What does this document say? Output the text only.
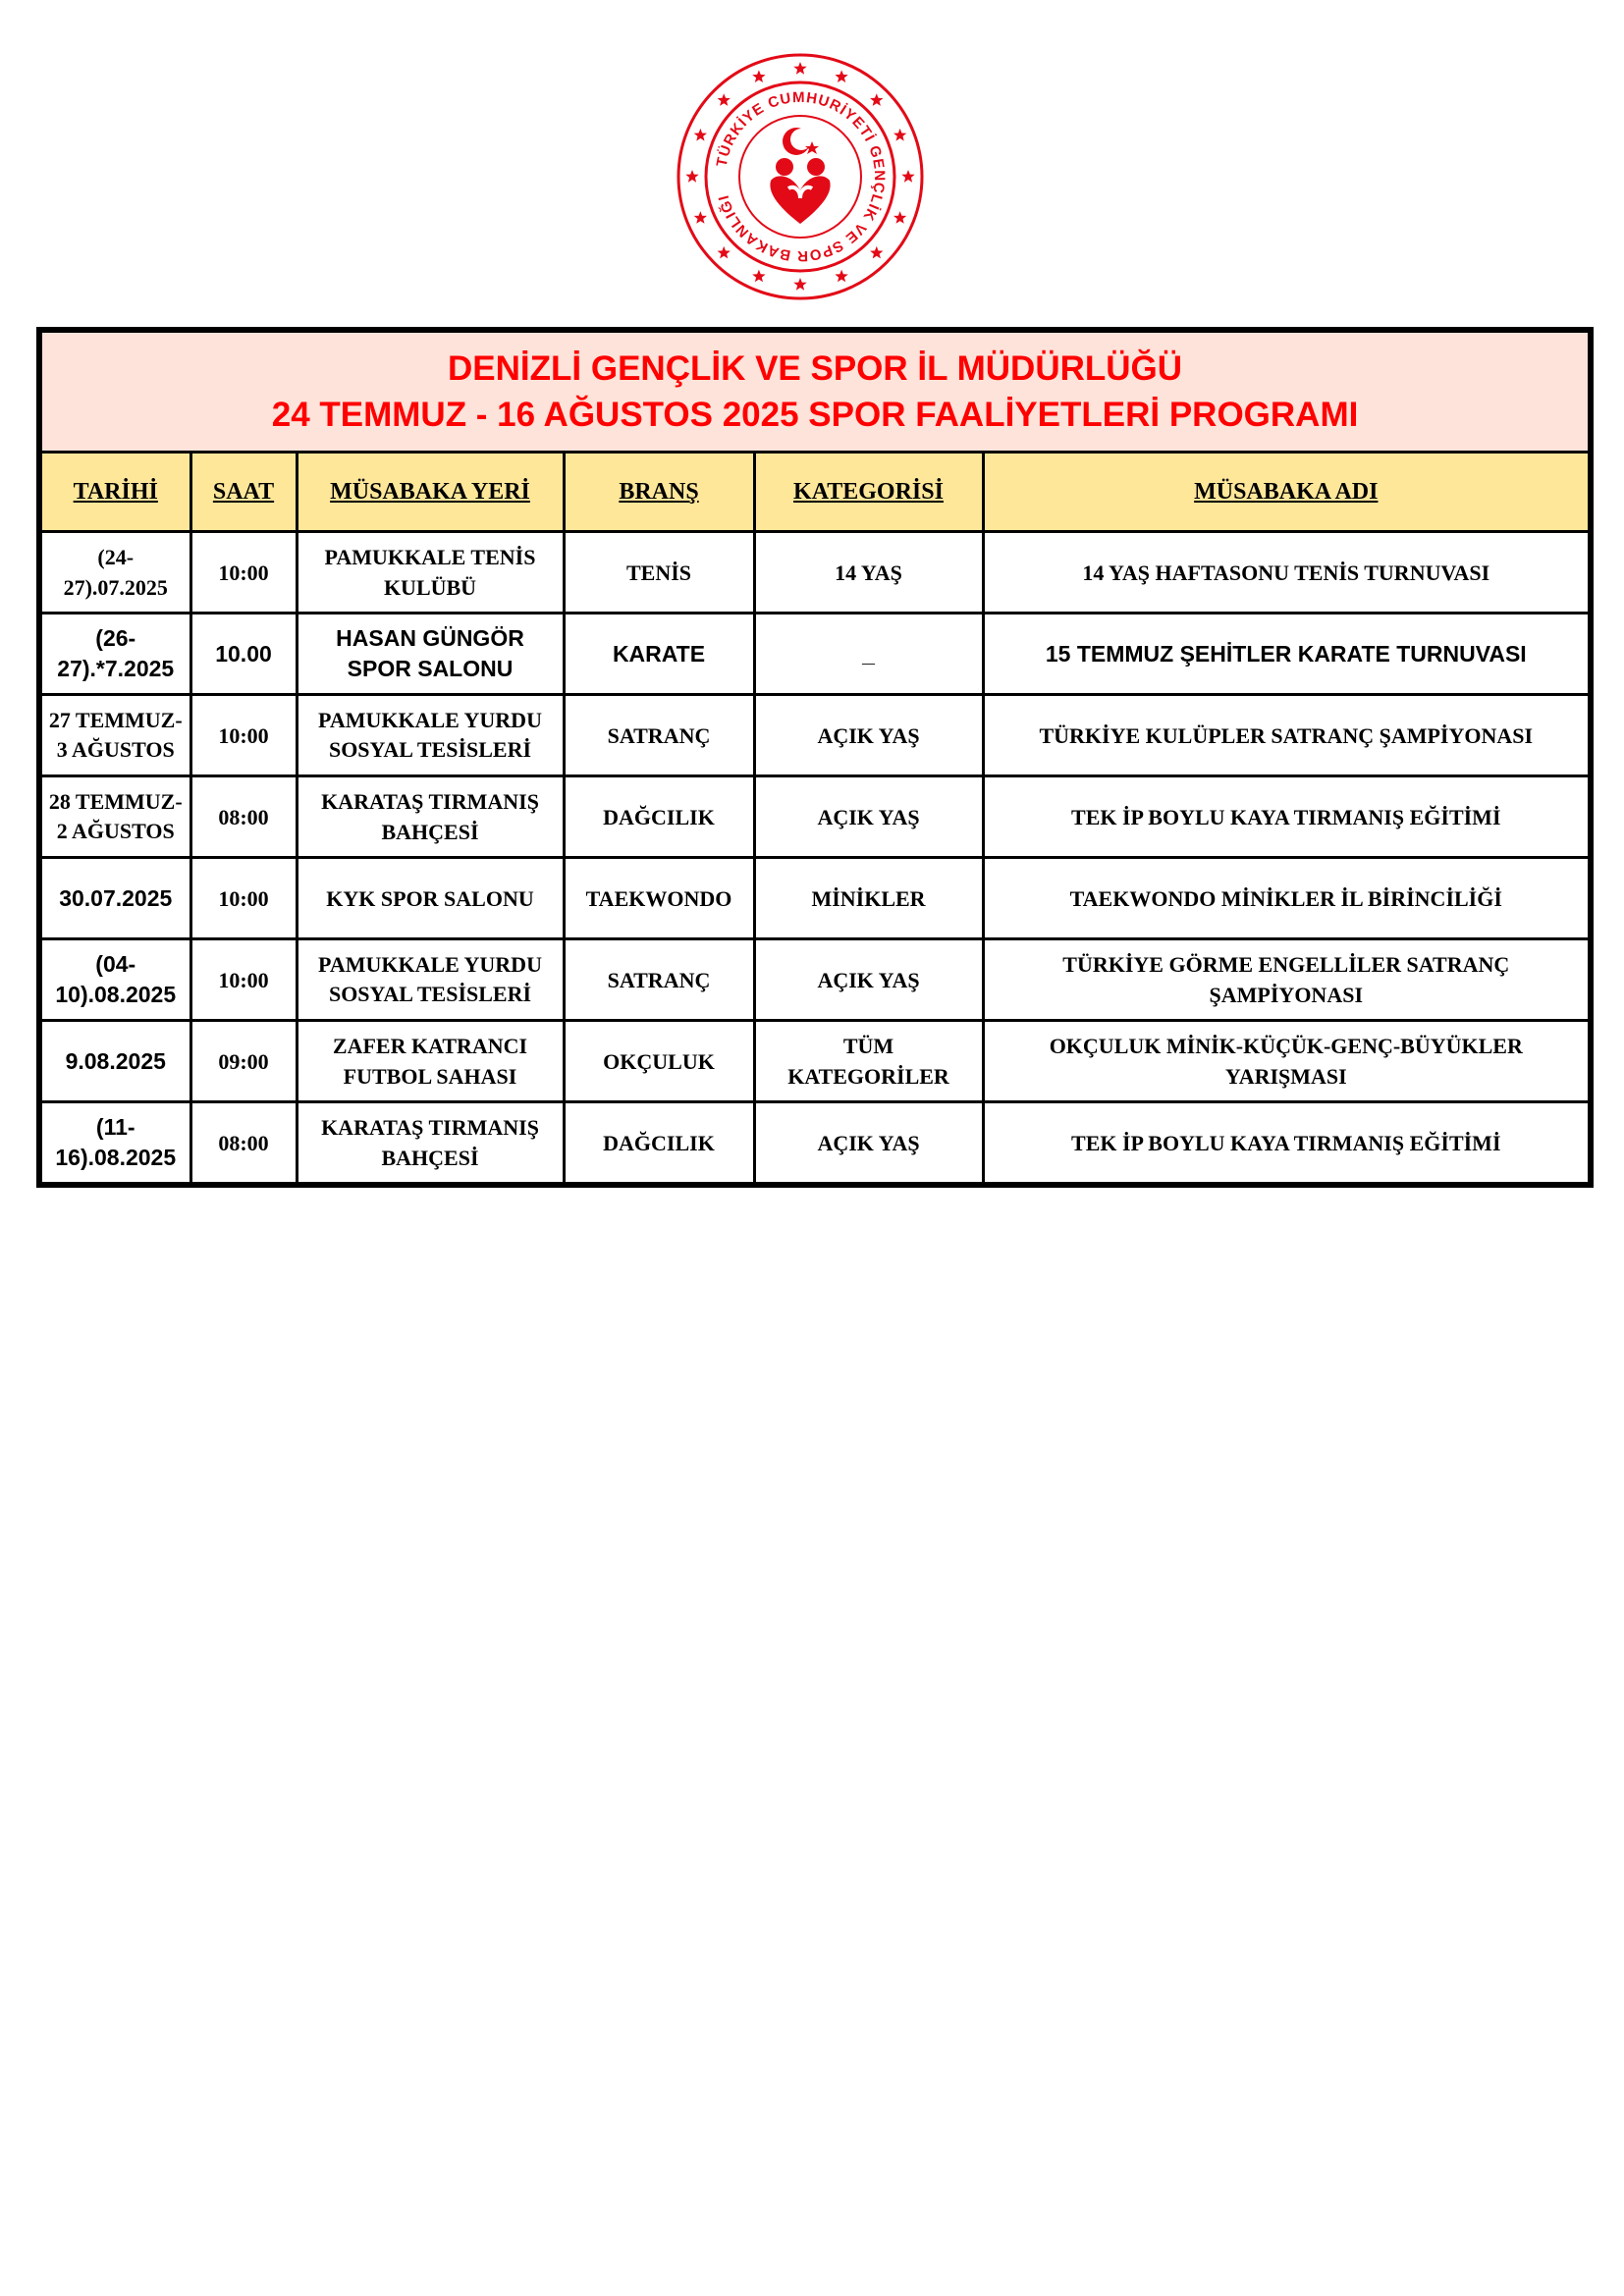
TÜRKİYE CUMHURİYETİ GENÇLİK VE SPOR BAKANLIĞI
DENİZLİ GENÇLİK VE SPOR İL MÜDÜRLÜĞÜ
24 TEMMUZ - 16 AĞUSTOS 2025 SPOR FAALİYETLERİ PROGRAMI					

TARİHİ	SAAT	MÜSABAKA YERİ	BRANŞ	KATEGORİSİ	MÜSABAKA ADI

(24-27).07.2025	10:00	PAMUKKALE TENİS KULÜBÜ	TENİS	14 YAŞ	14 YAŞ HAFTASONU TENİS TURNUVASI

(26-27).*7.2025	10.00	HASAN GÜNGÖR SPOR SALONU	KARATE	_	15 TEMMUZ ŞEHİTLER KARATE TURNUVASI

27 TEMMUZ-3 AĞUSTOS	10:00	PAMUKKALE YURDU SOSYAL TESİSLERİ	SATRANÇ	AÇIK YAŞ	TÜRKİYE KULÜPLER SATRANÇ ŞAMPİYONASI

28 TEMMUZ-2 AĞUSTOS	08:00	KARATAŞ TIRMANIŞ BAHÇESİ	DAĞCILIK	AÇIK YAŞ	TEK İP BOYLU KAYA TIRMANIŞ EĞİTİMİ

30.07.2025	10:00	KYK SPOR SALONU	TAEKWONDO	MİNİKLER	TAEKWONDO MİNİKLER İL BİRİNCİLİĞİ

(04-10).08.2025	10:00	PAMUKKALE YURDU SOSYAL TESİSLERİ	SATRANÇ	AÇIK YAŞ	TÜRKİYE GÖRME ENGELLİLER SATRANÇ ŞAMPİYONASI

9.08.2025	09:00	ZAFER KATRANCI FUTBOL SAHASI	OKÇULUK	TÜM KATEGORİLER	OKÇULUK MİNİK-KÜÇÜK-GENÇ-BÜYÜKLER YARIŞMASI

(11-16).08.2025	08:00	KARATAŞ TIRMANIŞ BAHÇESİ	DAĞCILIK	AÇIK YAŞ	TEK İP BOYLU KAYA TIRMANIŞ EĞİTİMİ
